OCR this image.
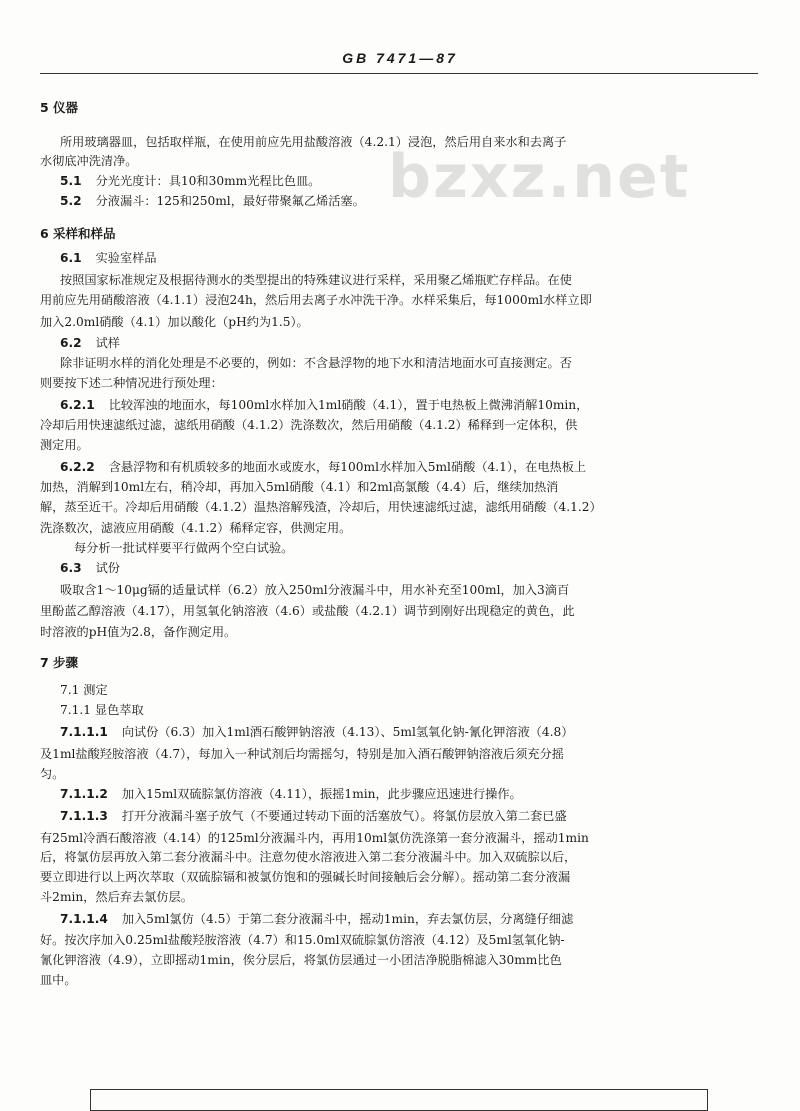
GB 7471—87
bzxz.net
5 仪器
所用玻璃器皿，包括取样瓶，在使用前应先用盐酸溶液（4.2.1）浸泡，然后用自来水和去离子
水彻底冲洗清净。
5.1 分光光度计：具10和30mm光程比色皿。
5.2 分液漏斗：125和250ml，最好带聚氟乙烯活塞。
6 采样和样品
6.1 实验室样品
按照国家标准规定及根据待测水的类型提出的特殊建议进行采样，采用聚乙烯瓶贮存样品。在使
用前应先用硝酸溶液（4.1.1）浸泡24h，然后用去离子水冲洗干净。水样采集后，每1000ml水样立即
加入2.0ml硝酸（4.1）加以酸化（pH约为1.5）。
6.2 试样
除非证明水样的消化处理是不必要的，例如：不含悬浮物的地下水和清洁地面水可直接测定。否
则要按下述二种情况进行预处理：
6.2.1 比较浑浊的地面水，每100ml水样加入1ml硝酸（4.1），置于电热板上微沸消解10min，
冷却后用快速滤纸过滤，滤纸用硝酸（4.1.2）洗涤数次，然后用硝酸（4.1.2）稀释到一定体积，供
测定用。
6.2.2 含悬浮物和有机质较多的地面水或废水，每100ml水样加入5ml硝酸（4.1），在电热板上
加热，消解到10ml左右，稍冷却，再加入5ml硝酸（4.1）和2ml高氯酸（4.4）后，继续加热消
解，蒸至近干。冷却后用硝酸（4.1.2）温热溶解残渣，冷却后，用快速滤纸过滤，滤纸用硝酸（4.1.2）
洗涤数次，滤液应用硝酸（4.1.2）稀释定容，供测定用。
每分析一批试样要平行做两个空白试验。
6.3 试份
吸取含1～10μg镉的适量试样（6.2）放入250ml分液漏斗中，用水补充至100ml，加入3滴百
里酚蓝乙醇溶液（4.17），用氢氧化钠溶液（4.6）或盐酸（4.2.1）调节到刚好出现稳定的黄色，此
时溶液的pH值为2.8，备作测定用。
7 步骤
7.1 测定
7.1.1 显色萃取
7.1.1.1 向试份（6.3）加入1ml酒石酸钾钠溶液（4.13）、5ml氢氧化钠-氰化钾溶液（4.8）
及1ml盐酸羟胺溶液（4.7），每加入一种试剂后均需摇匀，特别是加入酒石酸钾钠溶液后须充分摇
匀。
7.1.1.2 加入15ml双硫腙氯仿溶液（4.11），振摇1min，此步骤应迅速进行操作。
7.1.1.3 打开分液漏斗塞子放气（不要通过转动下面的活塞放气）。将氯仿层放入第二套已盛
有25ml冷酒石酸溶液（4.14）的125ml分液漏斗内，再用10ml氯仿洗涤第一套分液漏斗，摇动1min
后，将氯仿层再放入第二套分液漏斗中。注意勿使水溶液进入第二套分液漏斗中。加入双硫腙以后，
要立即进行以上两次萃取（双硫腙镉和被氯仿饱和的强碱长时间接触后会分解）。摇动第二套分液漏
斗2min，然后弃去氯仿层。
7.1.1.4 加入5ml氯仿（4.5）于第二套分液漏斗中，摇动1min，弃去氯仿层，分离缝仔细滤
好。按次序加入0.25ml盐酸羟胺溶液（4.7）和15.0ml双硫腙氯仿溶液（4.12）及5ml氢氧化钠-
氰化钾溶液（4.9），立即摇动1min，俟分层后，将氯仿层通过一小团洁净脱脂棉滤入30mm比色
皿中。
